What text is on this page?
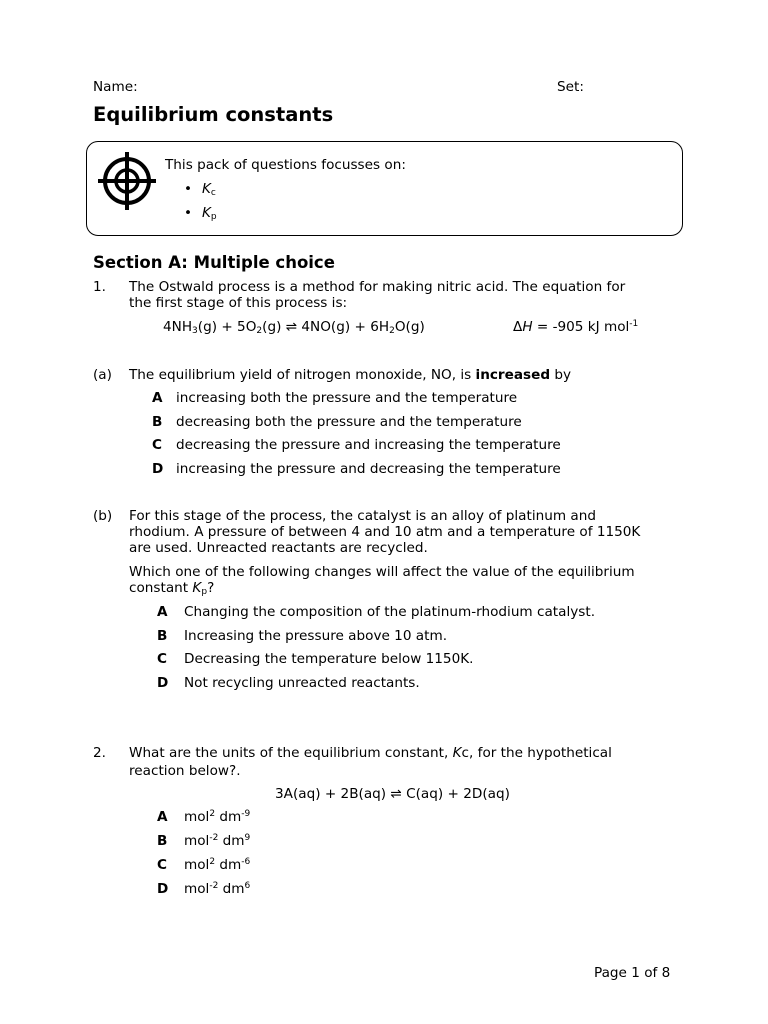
Name:	Set:
Equilibrium constants
This pack of questions focusses on:
• $K_c$
• $K_p$
Section A: Multiple choice
1. The Ostwald process is a method for making nitric acid. The equation for
the first stage of this process is:
$4NH_3(g) + 5O_2(g)$ ⇌ $4NO(g) + 6H_2O(g)$	ΔH = -905 kJ mol$^{-1}$
(a) The equilibrium yield of nitrogen monoxide, NO, is increased by
A increasing both the pressure and the temperature
B decreasing both the pressure and the temperature
C decreasing the pressure and increasing the temperature
D increasing the pressure and decreasing the temperature
(b) For this stage of the process, the catalyst is an alloy of platinum and
rhodium. A pressure of between 4 and 10 atm and a temperature of 1150K
are used. Unreacted reactants are recycled.
Which one of the following changes will affect the value of the equilibrium
constant $K_p$?
A Changing the composition of the platinum-rhodium catalyst.
B Increasing the pressure above 10 atm.
C Decreasing the temperature below 1150K.
D Not recycling unreacted reactants.
2. What are the units of the equilibrium constant, Kc, for the hypothetical
reaction below?.
3A(aq) + 2B(aq) ⇌ C(aq) + 2D(aq)
A mol$^2$ $dm^{-9}$
B mol$^{-2}$ $dm^9$
C mol$^2$ $dm^{-6}$
D mol$^{-2}$ $dm^6$
Page 1 of 8
